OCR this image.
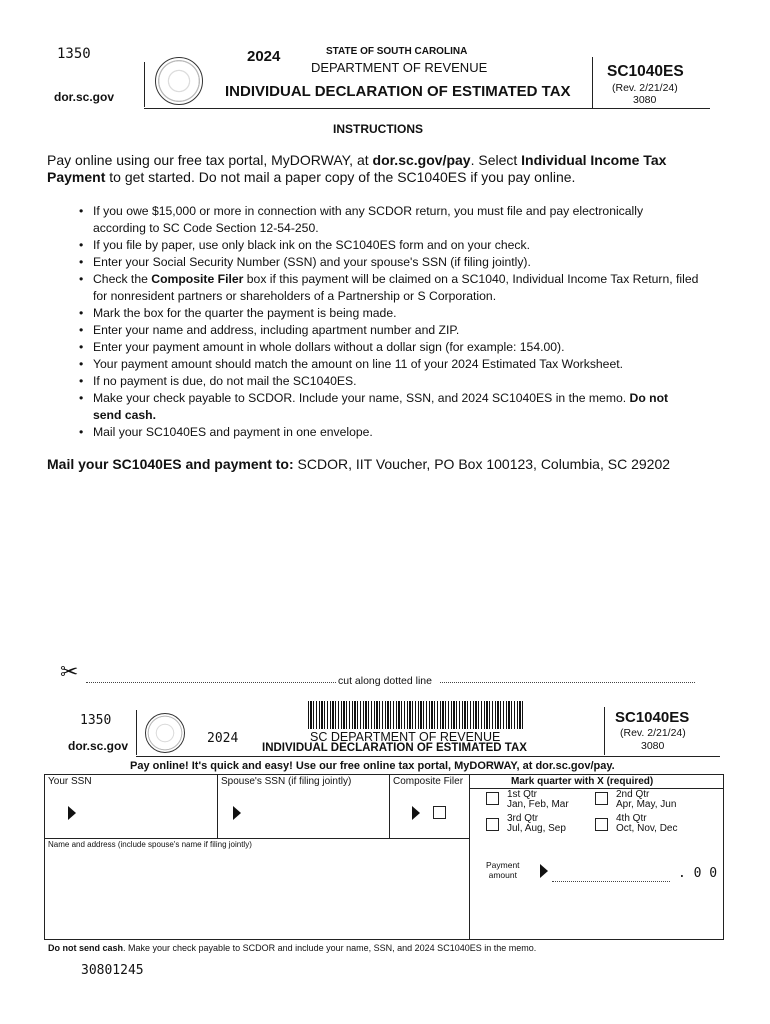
1350
dor.sc.gov
2024	STATE OF SOUTH CAROLINA
DEPARTMENT OF REVENUE
INDIVIDUAL DECLARATION OF ESTIMATED TAX
SC1040ES
(Rev. 2/21/24)
3080
INSTRUCTIONS
Pay online using our free tax portal, MyDORWAY, at dor.sc.gov/pay. Select Individual Income Tax Payment to get started. Do not mail a paper copy of the SC1040ES if you pay online.
• If you owe $15,000 or more in connection with any SCDOR return, you must file and pay electronically according to SC Code Section 12-54-250.
• If you file by paper, use only black ink on the SC1040ES form and on your check.
• Enter your Social Security Number (SSN) and your spouse's SSN (if filing jointly).
• Check the Composite Filer box if this payment will be claimed on a SC1040, Individual Income Tax Return, filed for nonresident partners or shareholders of a Partnership or S Corporation.
• Mark the box for the quarter the payment is being made.
• Enter your name and address, including apartment number and ZIP.
• Enter your payment amount in whole dollars without a dollar sign (for example: 154.00).
• Your payment amount should match the amount on line 11 of your 2024 Estimated Tax Worksheet.
• If no payment is due, do not mail the SC1040ES.
• Make your check payable to SCDOR. Include your name, SSN, and 2024 SC1040ES in the memo. Do not send cash.
• Mail your SC1040ES and payment in one envelope.
Mail your SC1040ES and payment to: SCDOR, IIT Voucher, PO Box 100123, Columbia, SC 29202
✂	cut along dotted line
1350
dor.sc.gov	2024	SC DEPARTMENT OF REVENUE
INDIVIDUAL DECLARATION OF ESTIMATED TAX
SC1040ES
(Rev. 2/21/24)
3080
Pay online! It's quick and easy! Use our free online tax portal, MyDORWAY, at dor.sc.gov/pay.
Your SSN	Spouse's SSN (if filing jointly)	Composite Filer	Mark quarter with X (required)
1st Qtr
Jan, Feb, Mar
2nd Qtr
Apr, May, Jun
3rd Qtr
Jul, Aug, Sep
4th Qtr
Oct, Nov, Dec
Name and address (include spouse's name if filing jointly)
Payment
amount	. 0 0
Do not send cash. Make your check payable to SCDOR and include your name, SSN, and 2024 SC1040ES in the memo.
30801245
